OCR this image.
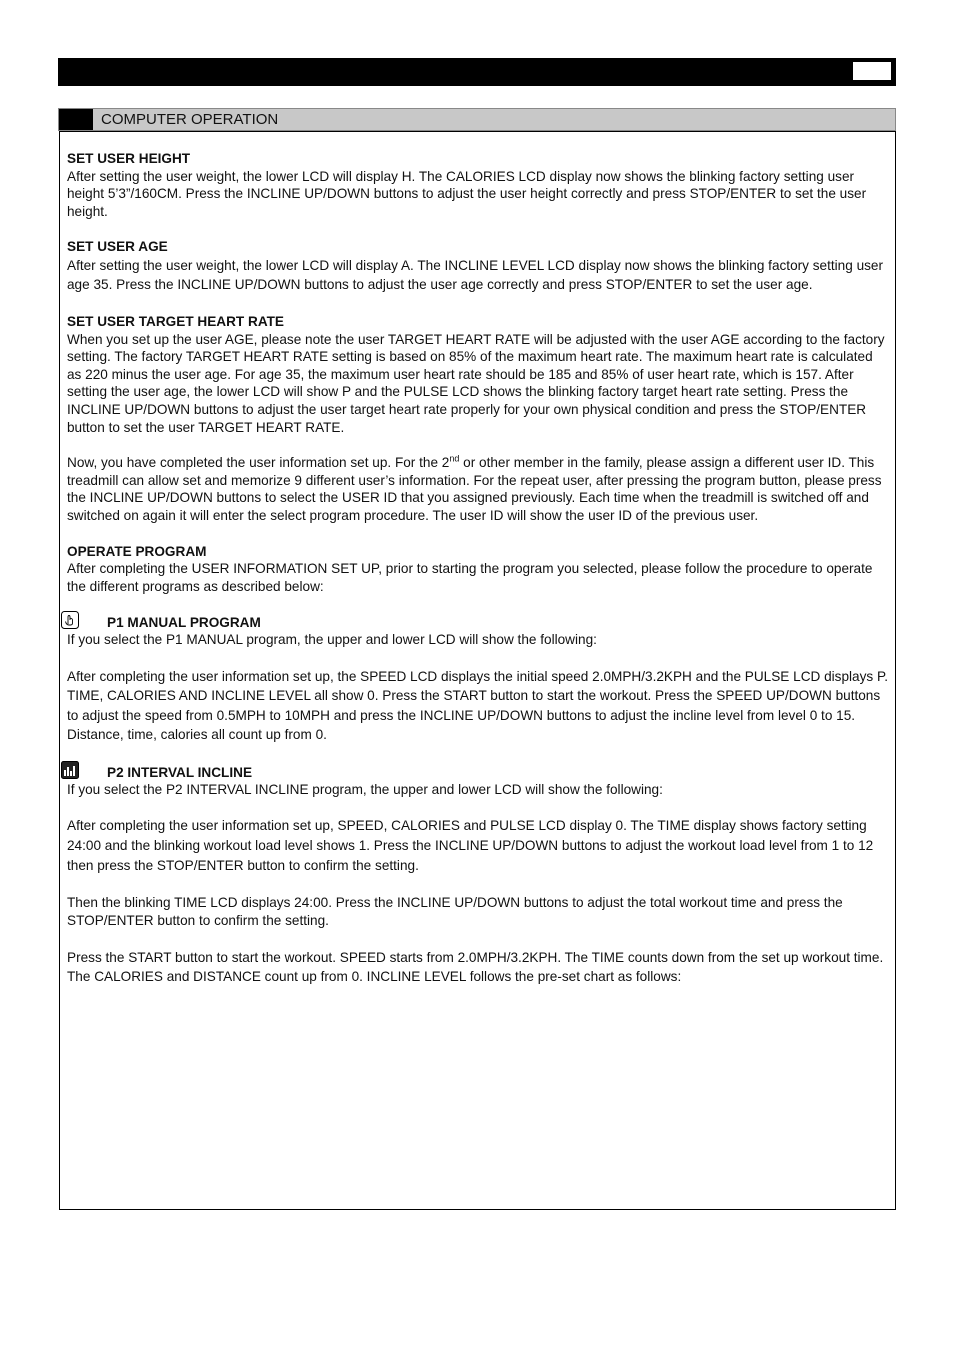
COMPUTER OPERATION

SET USER HEIGHT

After setting the user weight, the lower LCD will display H. The CALORIES LCD display now shows the blinking factory setting user height 5’3”/160CM. Press the INCLINE UP/DOWN buttons to adjust the user height correctly and press STOP/ENTER to set the user height.

SET USER AGE

After setting the user weight, the lower LCD will display A. The INCLINE LEVEL LCD display now shows the blinking factory setting user age 35. Press the INCLINE UP/DOWN buttons to adjust the user age correctly and press STOP/ENTER to set the user age.

SET USER TARGET HEART RATE

When you set up the user AGE, please note the user TARGET HEART RATE will be adjusted with the user AGE according to the factory setting. The factory TARGET HEART RATE setting is based on 85% of the maximum heart rate. The maximum heart rate is calculated as 220 minus the user age. For age 35, the maximum user heart rate should be 185 and 85% of user heart rate, which is 157. After setting the user age, the lower LCD will show P and the PULSE LCD shows the blinking factory target heart rate setting. Press the INCLINE UP/DOWN buttons to adjust the user target heart rate properly for your own physical condition and press the STOP/ENTER button to set the user TARGET HEART RATE.

Now, you have completed the user information set up. For the 2nd or other member in the family, please assign a different user ID. This treadmill can allow set and memorize 9 different user’s information. For the repeat user, after pressing the program button, please press the INCLINE UP/DOWN buttons to select the USER ID that you assigned previously. Each time when the treadmill is switched off and switched on again it will enter the select program procedure. The user ID will show the user ID of the previous user.

OPERATE PROGRAM

After completing the USER INFORMATION SET UP, prior to starting the program you selected, please follow the procedure to operate the different programs as described below:

P1 MANUAL PROGRAM

If you select the P1 MANUAL program, the upper and lower LCD will show the following:

After completing the user information set up, the SPEED LCD displays the initial speed 2.0MPH/3.2KPH and the PULSE LCD displays P. TIME, CALORIES AND INCLINE LEVEL all show 0. Press the START button to start the workout. Press the SPEED UP/DOWN buttons to adjust the speed from 0.5MPH to 10MPH and press the INCLINE UP/DOWN buttons to adjust the incline level from level 0 to 15. Distance, time, calories all count up from 0.

P2 INTERVAL INCLINE

If you select the P2 INTERVAL INCLINE program, the upper and lower LCD will show the following:

After completing the user information set up, SPEED, CALORIES and PULSE LCD display 0. The TIME display shows factory setting 24:00 and the blinking workout load level shows 1. Press the INCLINE UP/DOWN buttons to adjust the workout load level from 1 to 12 then press the STOP/ENTER button to confirm the setting.

Then the blinking TIME LCD displays 24:00. Press the INCLINE UP/DOWN buttons to adjust the total workout time and press the STOP/ENTER button to confirm the setting.

Press the START button to start the workout. SPEED starts from 2.0MPH/3.2KPH. The TIME counts down from the set up workout time. The CALORIES and DISTANCE count up from 0. INCLINE LEVEL follows the pre-set chart as follows:
